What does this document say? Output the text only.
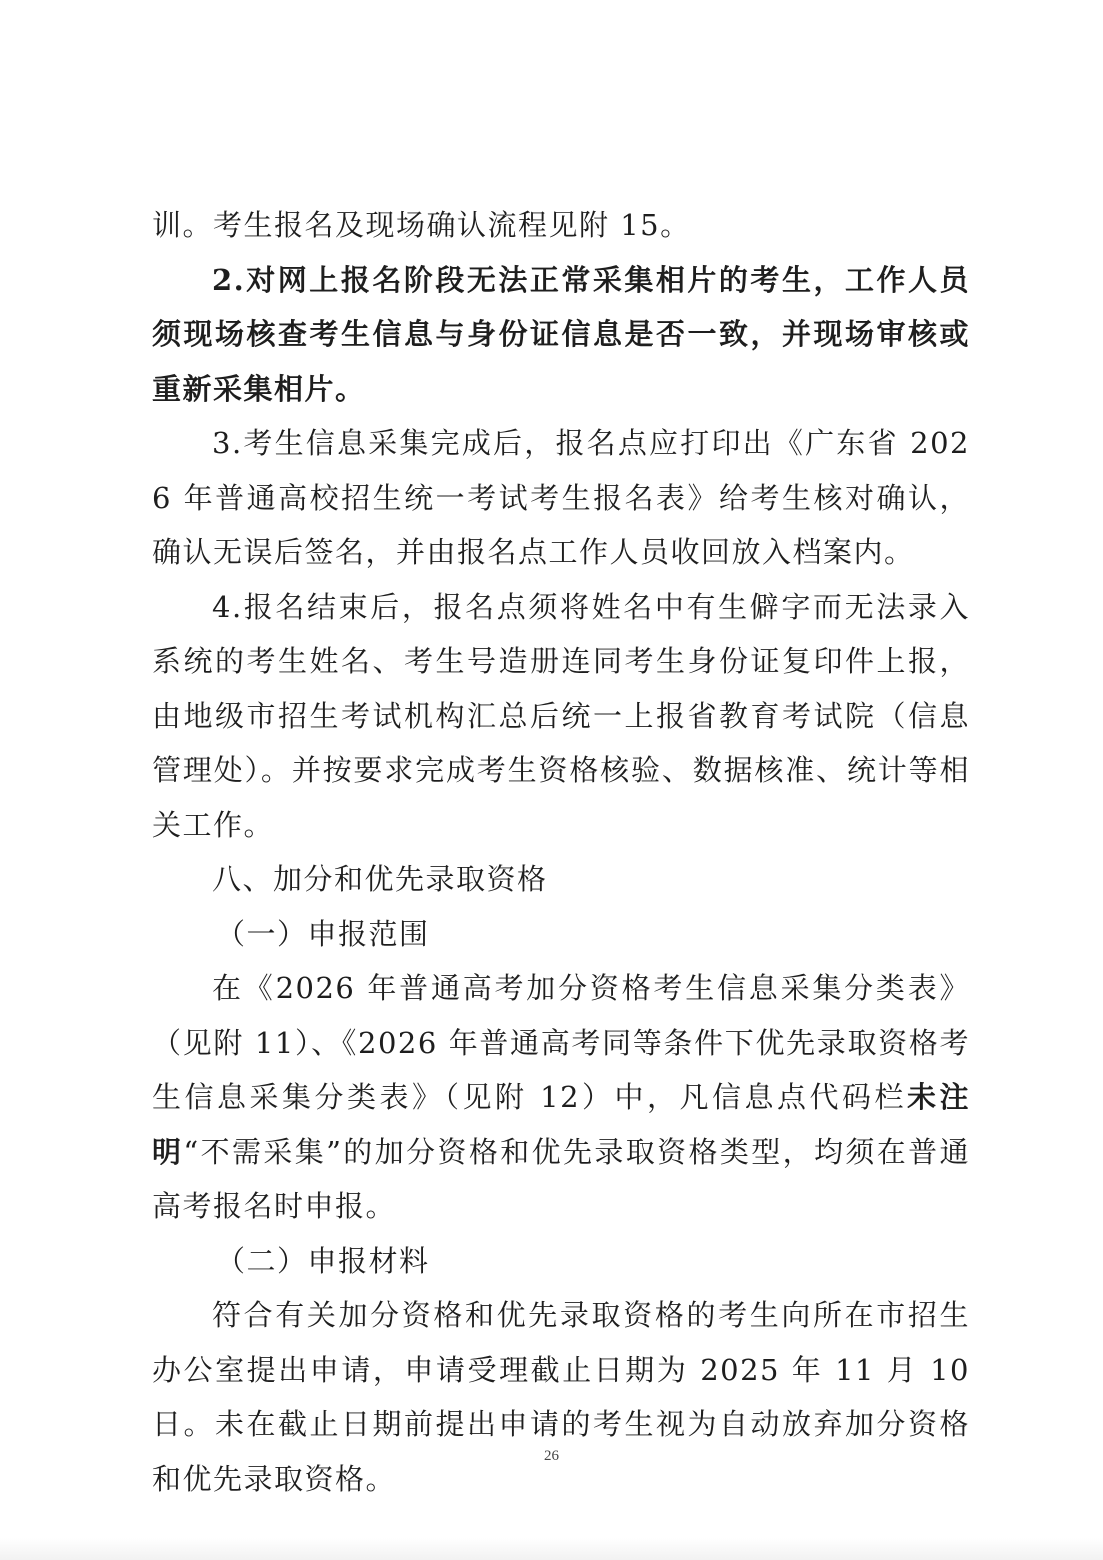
训。考生报名及现场确认流程见附 15。

2.对网上报名阶段无法正常采集相片的考生，工作人员须现场核查考生信息与身份证信息是否一致，并现场审核或重新采集相片。

3.考生信息采集完成后，报名点应打印出《广东省 2026 年普通高校招生统一考试考生报名表》给考生核对确认，确认无误后签名，并由报名点工作人员收回放入档案内。

4.报名结束后，报名点须将姓名中有生僻字而无法录入系统的考生姓名、考生号造册连同考生身份证复印件上报，由地级市招生考试机构汇总后统一上报省教育考试院（信息管理处）。并按要求完成考生资格核验、数据核准、统计等相关工作。

八、加分和优先录取资格

（一）申报范围

在《2026 年普通高考加分资格考生信息采集分类表》（见附 11）、《2026 年普通高考同等条件下优先录取资格考生信息采集分类表》（见附 12）中，凡信息点代码栏未注明“不需采集”的加分资格和优先录取资格类型，均须在普通高考报名时申报。

（二）申报材料

符合有关加分资格和优先录取资格的考生向所在市招生办公室提出申请，申请受理截止日期为 2025 年 11 月 10 日。未在截止日期前提出申请的考生视为自动放弃加分资格和优先录取资格。

26
